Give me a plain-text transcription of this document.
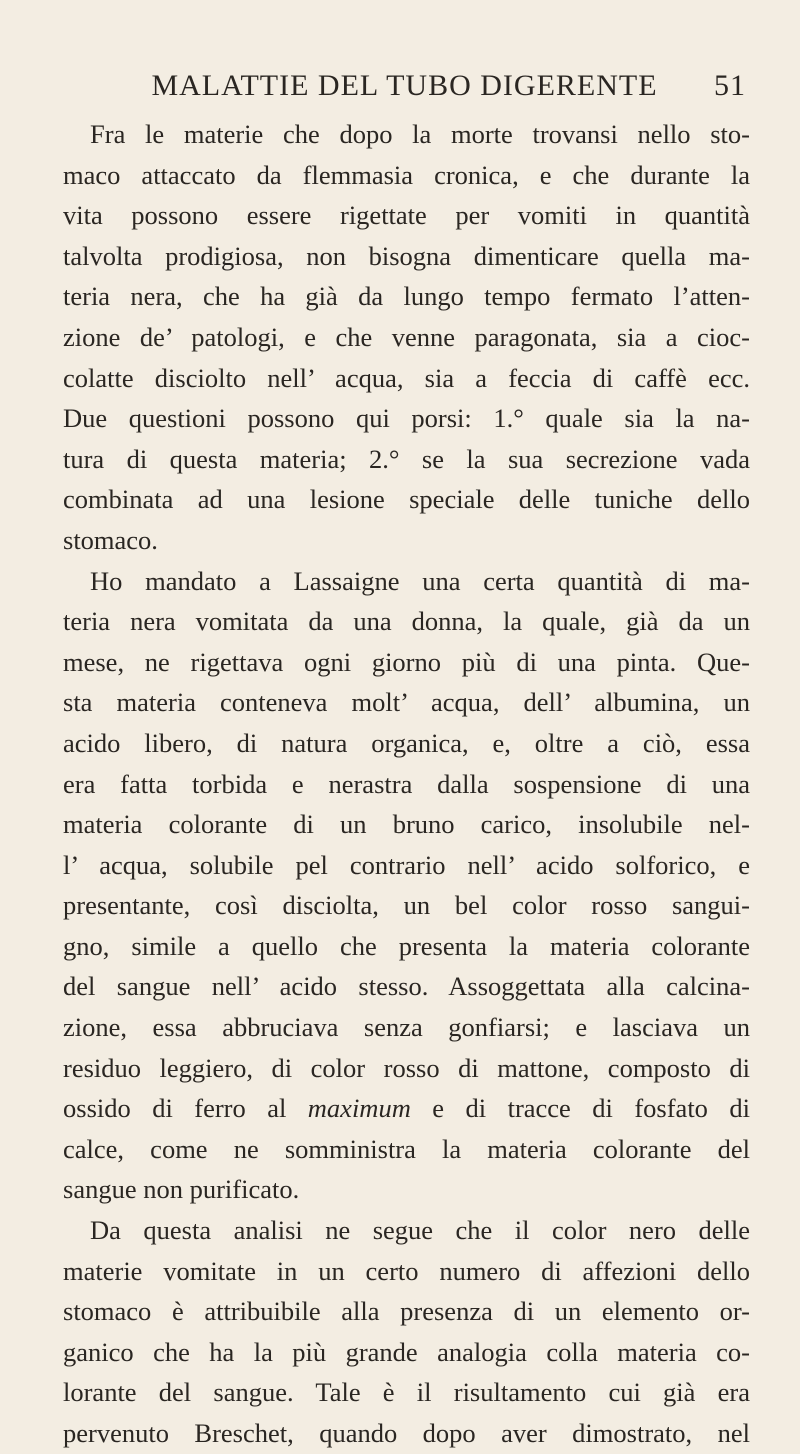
MALATTIE DEL TUBO DIGERENTE	51
Fra le materie che dopo la morte trovansi nello sto-
maco attaccato da flemmasia cronica, e che durante la
vita possono essere rigettate per vomiti in quantità
talvolta prodigiosa, non bisogna dimenticare quella ma-
teria nera, che ha già da lungo tempo fermato l’atten-
zione de’ patologi, e che venne paragonata, sia a cioc-
colatte disciolto nell’ acqua, sia a feccia di caffè ecc.
Due questioni possono qui porsi: 1.° quale sia la na-
tura di questa materia; 2.° se la sua secrezione vada
combinata ad una lesione speciale delle tuniche dello
stomaco.
Ho mandato a Lassaigne una certa quantità di ma-
teria nera vomitata da una donna, la quale, già da un
mese, ne rigettava ogni giorno più di una pinta. Que-
sta materia conteneva molt’ acqua, dell’ albumina, un
acido libero, di natura organica, e, oltre a ciò, essa
era fatta torbida e nerastra dalla sospensione di una
materia colorante di un bruno carico, insolubile nel-
l’ acqua, solubile pel contrario nell’ acido solforico, e
presentante, così disciolta, un bel color rosso sangui-
gno, simile a quello che presenta la materia colorante
del sangue nell’ acido stesso. Assoggettata alla calcina-
zione, essa abbruciava senza gonfiarsi; e lasciava un
residuo leggiero, di color rosso di mattone, composto di
ossido di ferro al maximum e di tracce di fosfato di
calce, come ne somministra la materia colorante del
sangue non purificato.
Da questa analisi ne segue che il color nero delle
materie vomitate in un certo numero di affezioni dello
stomaco è attribuibile alla presenza di un elemento or-
ganico che ha la più grande analogia colla materia co-
lorante del sangue. Tale è il risultamento cui già era
pervenuto Breschet, quando dopo aver dimostrato, nel
